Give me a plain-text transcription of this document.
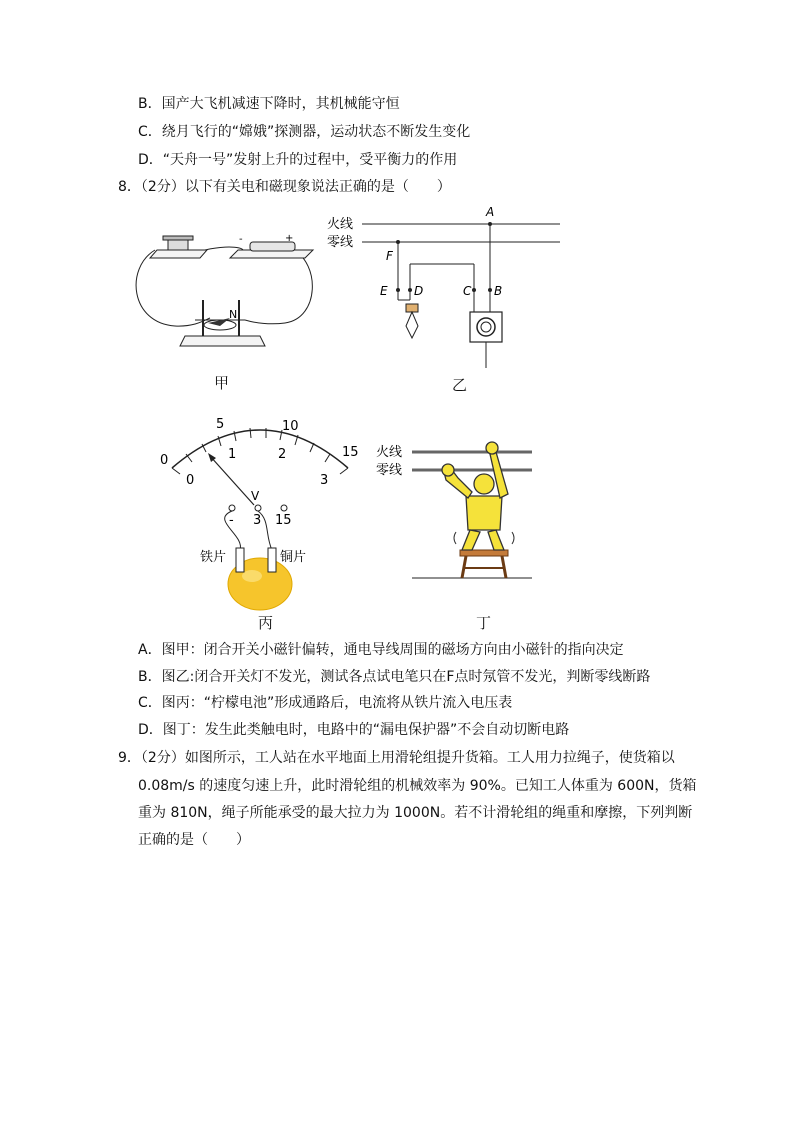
B．国产大飞机减速下降时，其机械能守恒
C．绕月飞行的“嫦娥”探测器，运动状态不断发生变化
D．“天舟一号”发射上升的过程中，受平衡力的作用
8．（2分）以下有关电和磁现象说法正确的是（　　）
-	+
N
甲
火线
零线
A
F
E D	C B
乙
0
5	10
15
0
1	2
3
V
- 3 15
铁片	铜片
丙
火线
零线
丁
A．图甲：闭合开关小磁针偏转，通电导线周围的磁场方向由小磁针的指向决定
B．图乙:闭合开关灯不发光，测试各点试电笔只在F点时氖管不发光，判断零线断路
C．图丙：“柠檬电池”形成通路后，电流将从铁片流入电压表
D．图丁：发生此类触电时，电路中的“漏电保护器”不会自动切断电路
9．（2分）如图所示，工人站在水平地面上用滑轮组提升货箱。工人用力拉绳子，使货箱以
0.08m/s 的速度匀速上升，此时滑轮组的机械效率为 90%。已知工人体重为 600N，货箱
重为 810N，绳子所能承受的最大拉力为 1000N。若不计滑轮组的绳重和摩擦，下列判断
正确的是（　　）
